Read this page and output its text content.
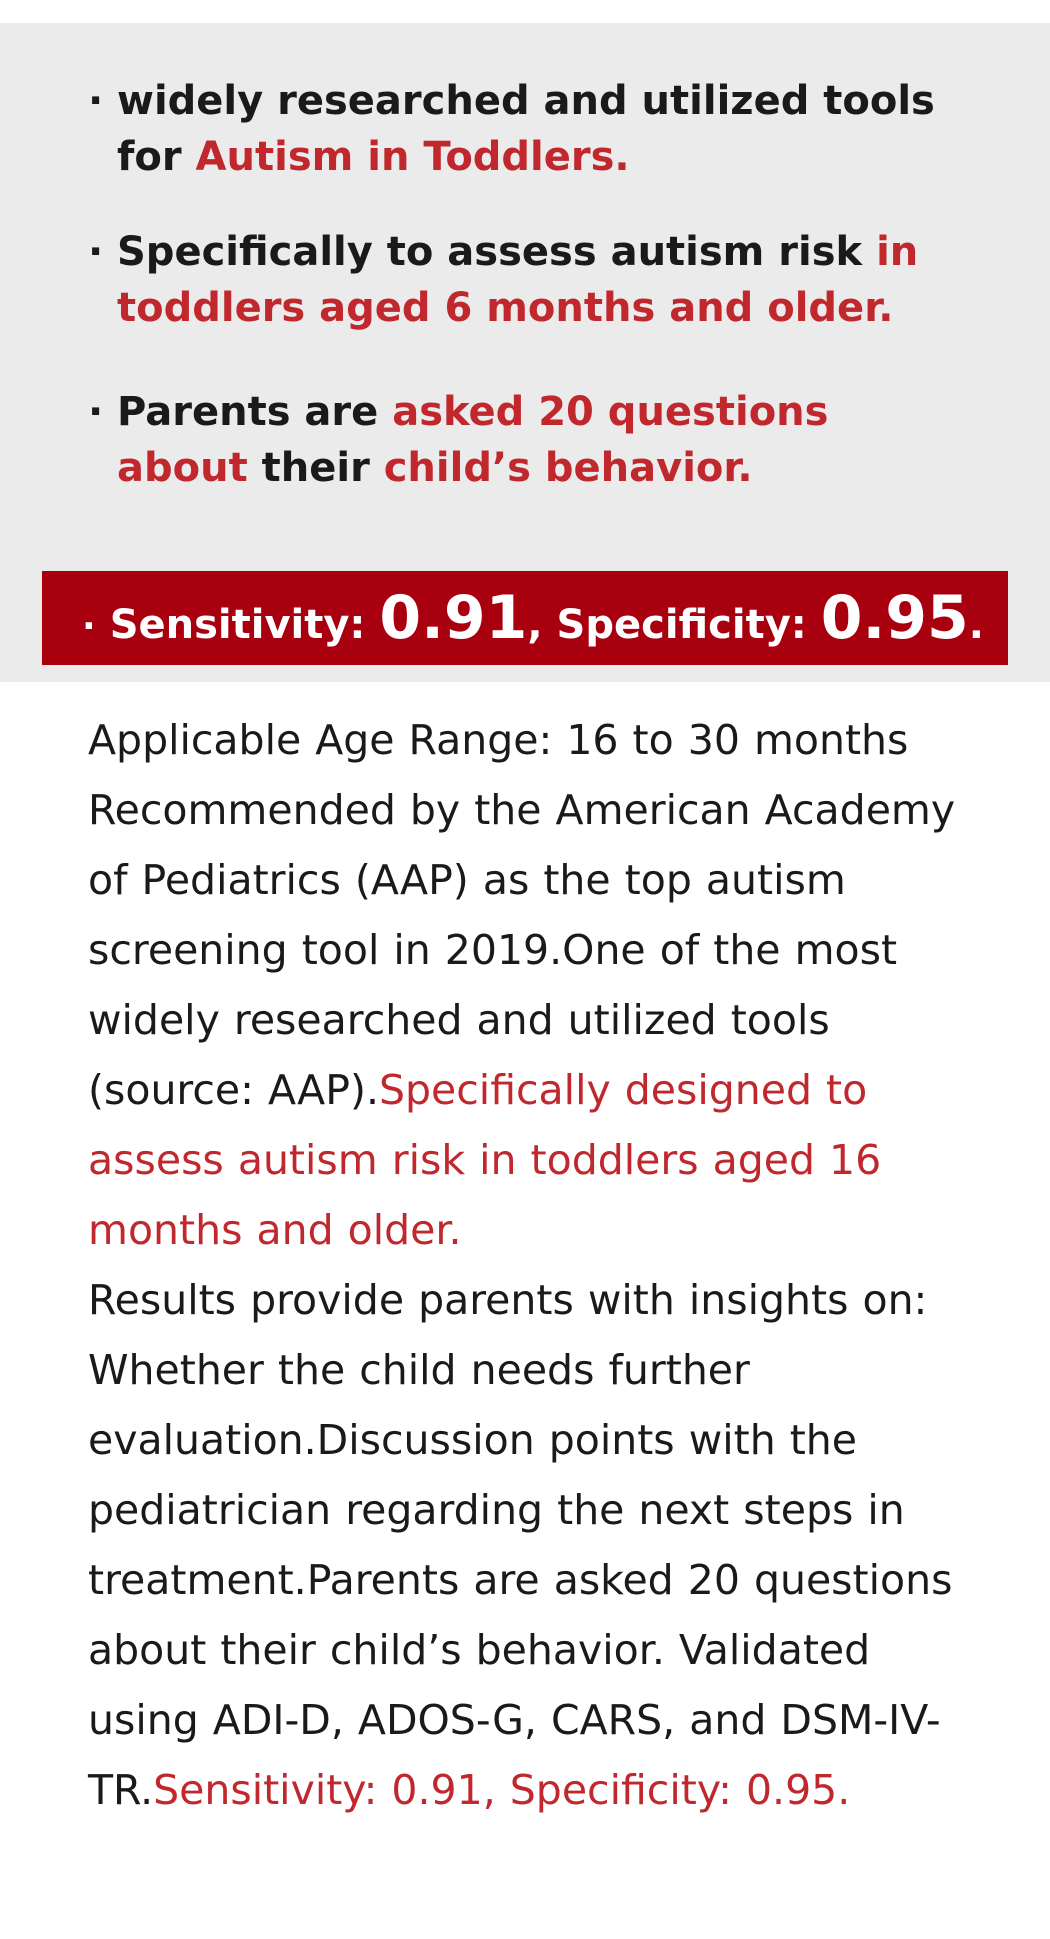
· widely researched and utilized tools for Autism in Toddlers.
· Specifically to assess autism risk in toddlers aged 6 months and older.
· Parents are asked 20 questions about their child’s behavior.
· Sensitivity: 0.91, Specificity: 0.95.
Applicable Age Range: 16 to 30 months Recommended by the American Academy of Pediatrics (AAP) as the top autism screening tool in 2019.One of the most widely researched and utilized tools (source: AAP).Specifically designed to assess autism risk in toddlers aged 16 months and older.
Results provide parents with insights on: Whether the child needs further evaluation.Discussion points with the pediatrician regarding the next steps in treatment.Parents are asked 20 questions about their child’s behavior. Validated using ADI-D, ADOS-G, CARS, and DSM-IV-TR.Sensitivity: 0.91, Specificity: 0.95.
